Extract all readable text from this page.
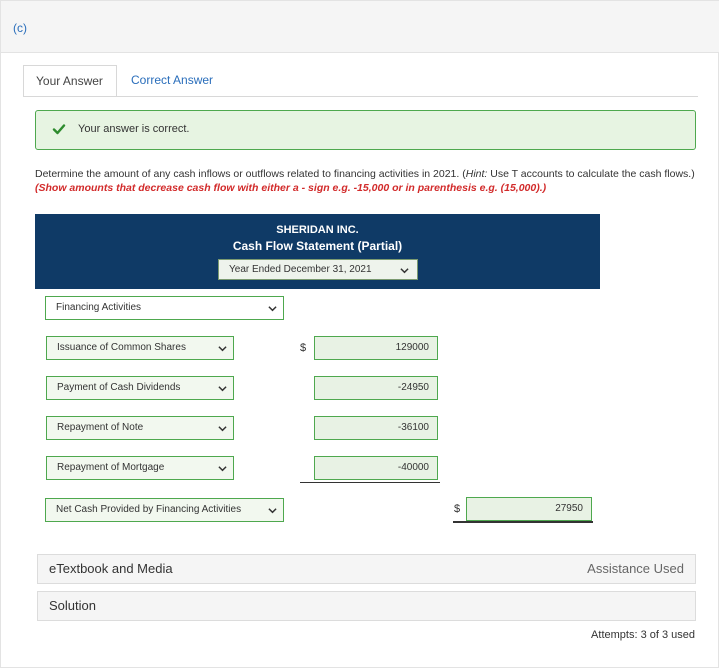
(c)
Your Answer	Correct Answer
Your answer is correct.
Determine the amount of any cash inflows or outflows related to financing activities in 2021. (Hint: Use T accounts to calculate the cash flows.) (Show amounts that decrease cash flow with either a - sign e.g. -15,000 or in parenthesis e.g. (15,000).)
SHERIDAN INC.
Cash Flow Statement (Partial)
Year Ended December 31, 2021
Financing Activities
Issuance of Common Shares	$	129000
Payment of Cash Dividends	-24950
Repayment of Note	-36100
Repayment of Mortgage	-40000
Net Cash Provided by Financing Activities	$	27950
eTextbook and Media	Assistance Used
Solution
Attempts: 3 of 3 used
